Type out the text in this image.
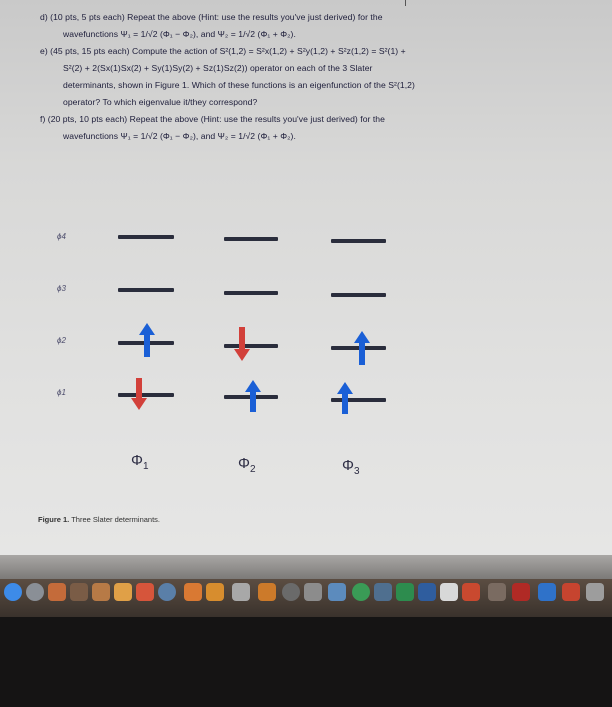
d) (10 pts, 5 pts each) Repeat the above (Hint: use the results you've just derived) for the
wavefunctions Ψ₁ = 1/√2 (Φ₁ − Φ₂), and Ψ₂ = 1/√2 (Φ₁ + Φ₂).
e) (45 pts, 15 pts each) Compute the action of S²(1,2) = S²x(1,2) + S²y(1,2) + S²z(1,2) = S²(1) +
S²(2) + 2(Sx(1)Sx(2) + Sy(1)Sy(2) + Sz(1)Sz(2)) operator on each of the 3 Slater
determinants, shown in Figure 1. Which of these functions is an eigenfunction of the S²(1,2)
operator? To which eigenvalue it/they correspond?
f) (20 pts, 10 pts each) Repeat the above (Hint: use the results you've just derived) for the
wavefunctions Ψ₁ = 1/√2 (Φ₁ − Φ₂), and Ψ₂ = 1/√2 (Φ₁ + Φ₂).
ϕ4
ϕ3
ϕ2
ϕ1
$\Phi_1$	$\Phi_2$	$\Phi_3$
Figure 1. Three Slater determinants.
